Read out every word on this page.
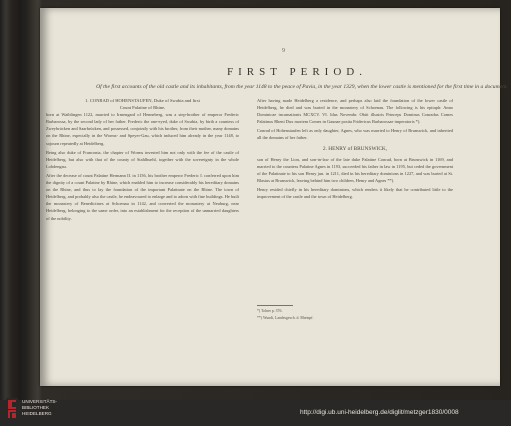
9
FIRST PERIOD.
Of the first accounts of the old castle and its inhabitants, from the year 1148 to the peace of Pavia, in the year 1329, when the lower castle is mentioned for the first time in a document.

1. CONRAD of HOHENSTAUFEN, Duke of Swabia and first

Count Palatine of Rhine,

born at Waiblingen 1122, married to Irmengard of Henneberg, was a step-brother of emperor Frederic Barbarossa, by the second lady of her father. Frederic the one-eyed, duke of Swabia, by birth a countess of Zweybrücken and Saarbrücken, and possessed, conjointly with his brother, from their mother, many domains on the Rhine, especially in the Worms- and Speyer-Gau, which induced him already in the year 1148, to sojourn repeatedly at Heidelberg.

Being also duke of Franconia, the chapter of Worms invested him not only with the fee of the castle of Heidelberg, but also with that of the county of Stahlbuehl, together with the sovereignty in the whole Lobdengau.

After the decease of count Palatine Hermann II. in 1156, his brother emperor Frederic I. conferred upon him the dignity of a count Palatine by Rhine, which enabled him to increase considerably his hereditary domains on the Rhine, and thus to lay the foundation of the important Palatinate on the Rhine. The town of Heidelberg, and probably also the castle, he endeavoured to enlarge and to adorn with fine buildings. He built the monastery of Benedictines at Schoenau in 1142, and converted the monastery at Neuburg, near Heidelberg, belonging to the same order, into an establishment for the reception of the unmarried daughters of the nobility.

After having made Heidelberg a residence, and perhaps also laid the foundation of the lower castle of Heidelberg, he died and was buried in the monastery of Schoenau. The following is his epitaph: Anno Dominicae incarnationis MCXCV. VI. Idus Novembr. Obiit illustris Princeps Dominus Conradus Comes Palatinus Rheni Dux mortem Comes in Gaunae posita Fridericus Barbarossae imperatoris *).

Conrad of Hohenstaufen left as only daughter, Agnes, who was married to Henry of Brunswick, and inherited all the domains of her father.

2. HENRY of BRUNSWICK,

son of Henry the Lion, and son-in-law of the late duke Palatine Conrad, born at Brunswick in 1169, and married to the countess Palatine Agnes in 1193, succeeded his father in law in 1195, but ceded the government of the Palatinate to his son Henry jun. in 1211, died in his hereditary dominions in 1227, and was buried at St. Blasius at Brunswick, leaving behind him two children, Henry and Agnes **).

Henry resided chiefly in his hereditary dominions, which renders it likely that he contributed little to the improvement of the castle and the town of Heidelberg.

*) Tolner p. 376.
**) Wundt, Landesgesch. d. Rheinpf.
UNIVERSITÄTS-
BIBLIOTHEK
HEIDELBERG	http://digi.ub.uni-heidelberg.de/diglit/metzger1830/0008
